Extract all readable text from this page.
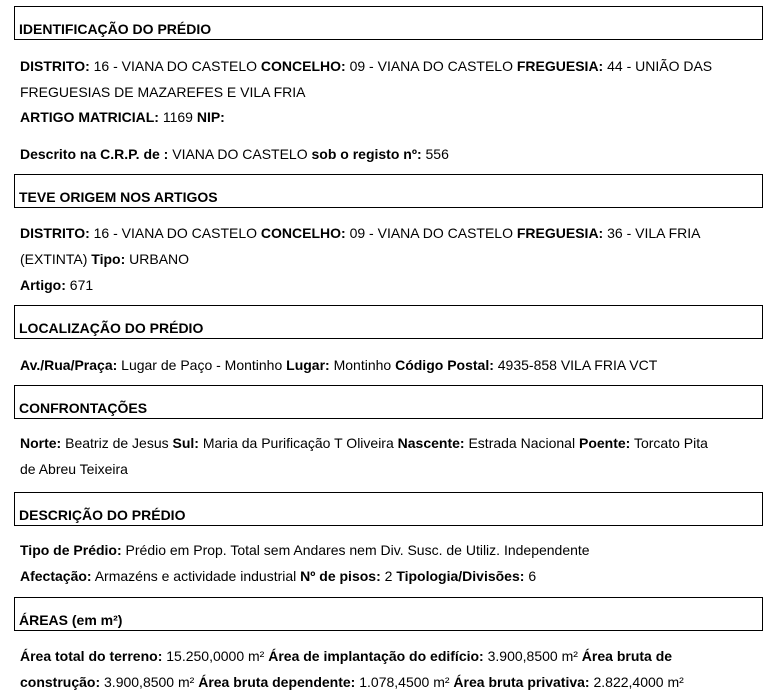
IDENTIFICAÇÃO DO PRÉDIO
DISTRITO: 16 - VIANA DO CASTELO CONCELHO: 09 - VIANA DO CASTELO FREGUESIA: 44 - UNIÃO DAS
FREGUESIAS DE MAZAREFES E VILA FRIA
ARTIGO MATRICIAL: 1169 NIP:
Descrito na C.R.P. de : VIANA DO CASTELO sob o registo nº: 556
TEVE ORIGEM NOS ARTIGOS
DISTRITO: 16 - VIANA DO CASTELO CONCELHO: 09 - VIANA DO CASTELO FREGUESIA: 36 - VILA FRIA
(EXTINTA) Tipo: URBANO
Artigo: 671
LOCALIZAÇÃO DO PRÉDIO
Av./Rua/Praça: Lugar de Paço - Montinho Lugar: Montinho Código Postal: 4935-858 VILA FRIA VCT
CONFRONTAÇÕES
Norte: Beatriz de Jesus Sul: Maria da Purificação T Oliveira Nascente: Estrada Nacional Poente: Torcato Pita
de Abreu Teixeira
DESCRIÇÃO DO PRÉDIO
Tipo de Prédio: Prédio em Prop. Total sem Andares nem Div. Susc. de Utiliz. Independente
Afectação: Armazéns e actividade industrial Nº de pisos: 2 Tipologia/Divisões: 6
ÁREAS (em m²)
Área total do terreno: 15.250,0000 m² Área de implantação do edifício: 3.900,8500 m² Área bruta de
construção: 3.900,8500 m² Área bruta dependente: 1.078,4500 m² Área bruta privativa: 2.822,4000 m²
